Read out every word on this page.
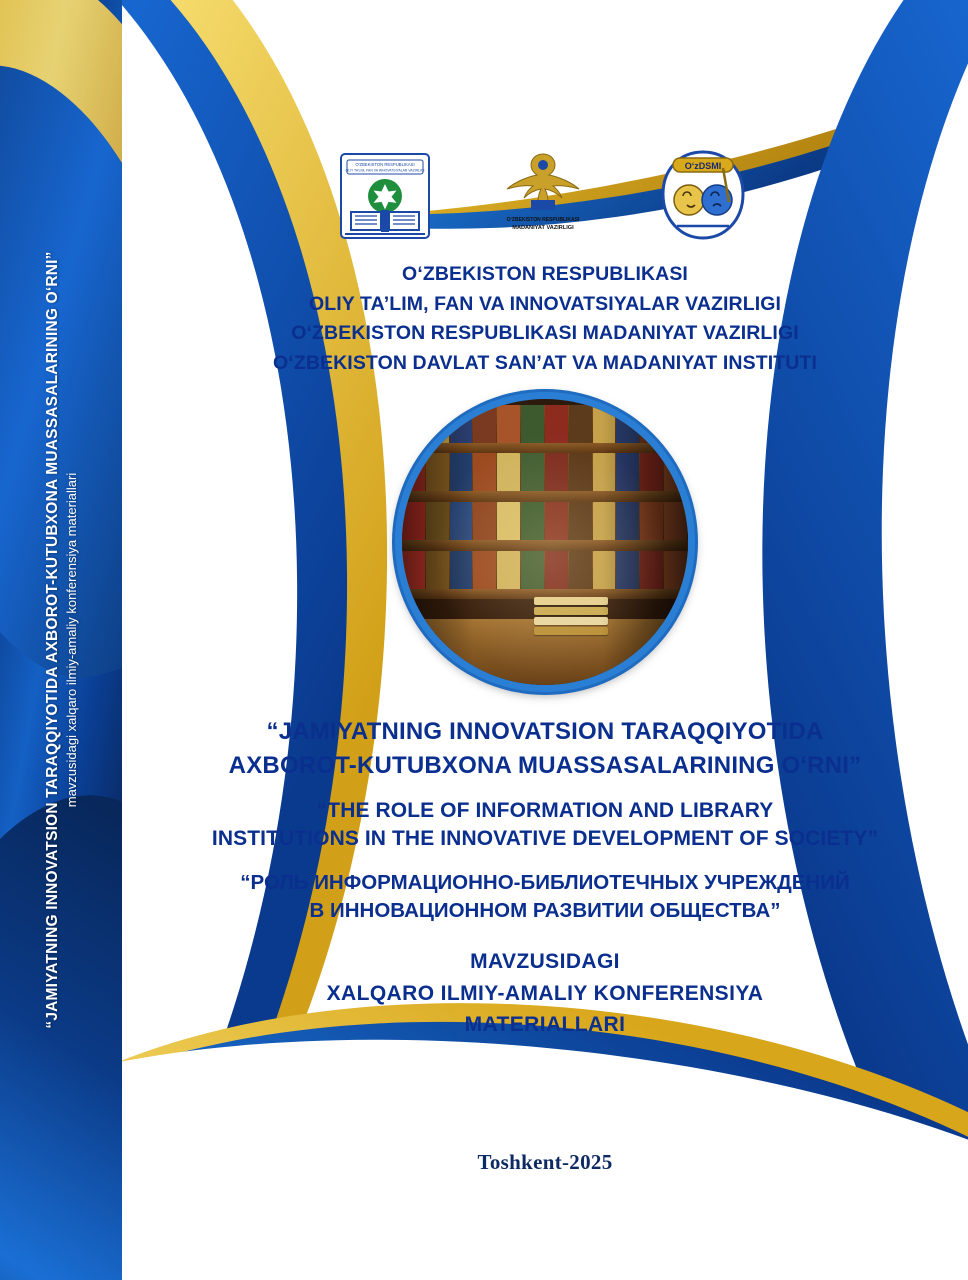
“JAMIYATNING INNOVATSION TARAQQIYOTIDA AXBOROT-KUTUBXONA MUASSASALARINING O‘RNI” mavzusidagi xalqaro ilmiy-amaliy konferensiya materiallari
O‘ZBEKISTON RESPUBLIKASI
OLIY TA’LIM, FAN VA INNOVATSIYALAR VAZIRLIGI
O‘ZBEKISTON RESPUBLIKASI
MADANIYAT VAZIRLIGI
O‘zDSMI
O‘ZBEKISTON RESPUBLIKASI
OLIY TA’LIM, FAN VA INNOVATSIYALAR VAZIRLIGI
O‘ZBEKISTON RESPUBLIKASI MADANIYAT VAZIRLIGI
O‘ZBEKISTON DAVLAT SAN’AT VA MADANIYAT INSTITUTI
“JAMIYATNING INNOVATSION TARAQQIYOTIDA
AXBOROT-KUTUBXONA MUASSASALARINING O‘RNI”
“THE ROLE OF INFORMATION AND LIBRARY
INSTITUTIONS IN THE INNOVATIVE DEVELOPMENT OF SOCIETY”
“РОЛЬ ИНФОРМАЦИОННО-БИБЛИОТЕЧНЫХ УЧРЕЖДЕНИЙ
В ИННОВАЦИОННОМ РАЗВИТИИ ОБЩЕСТВА”
MAVZUSIDAGI
XALQARO ILMIY-AMALIY KONFERENSIYA
MATERIALLARI
Toshkent-2025
